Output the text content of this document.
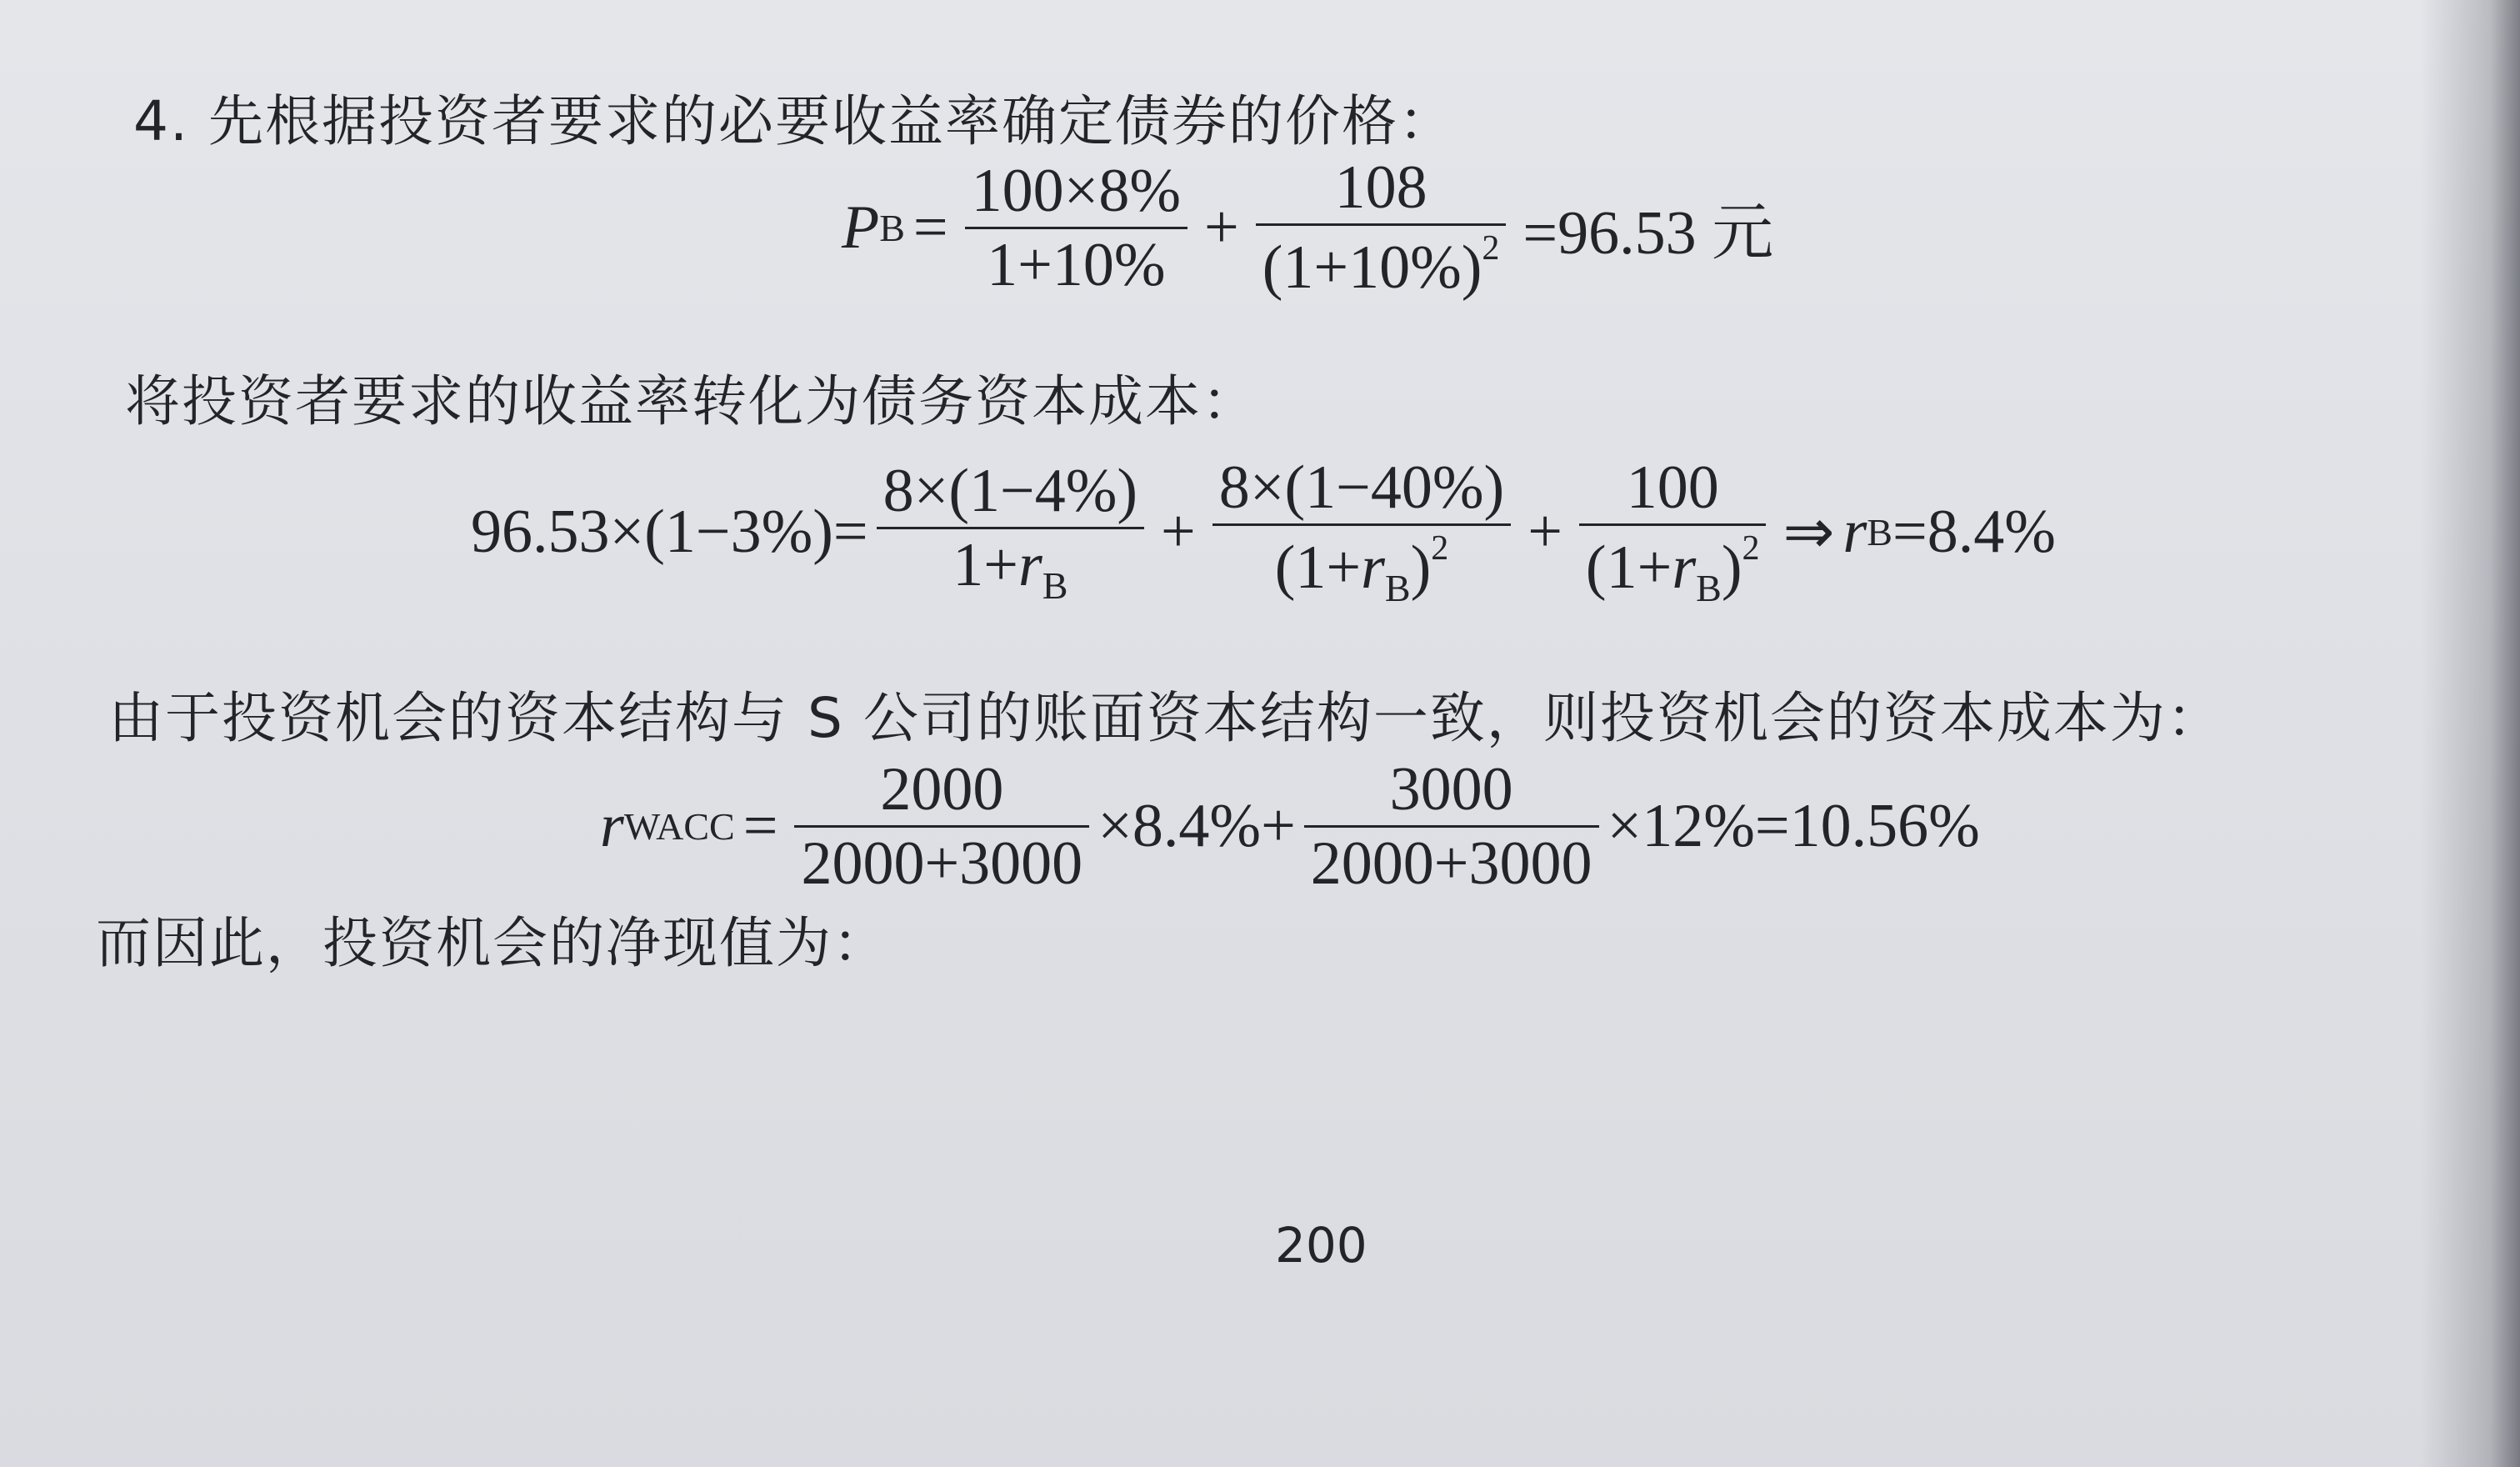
4. 先根据投资者要求的必要收益率确定债券的价格：
P $B = \frac{100\times 8\%}{1+10\%} + \frac{108}{(1+10\%)^2} =96.53$ 元
将投资者要求的收益率转化为债务资本成本：
$96.53\times(1-3\%)= \frac{8\times(1-4\%)}{1+r_B} + \frac{8\times(1-40\%)}{(1+r_B)^2} + \frac{100}{(1+r_B)^2}$ ⇒ r B =8.4%
由于投资机会的资本结构与 S 公司的账面资本结构一致，则投资机会的资本成本为：
r WACC = $\frac{2000}{2000+3000} \times 8.4\%+ \frac{3000}{2000+3000} \times 12\%=10.56\%$
而因此，投资机会的净现值为：
200
